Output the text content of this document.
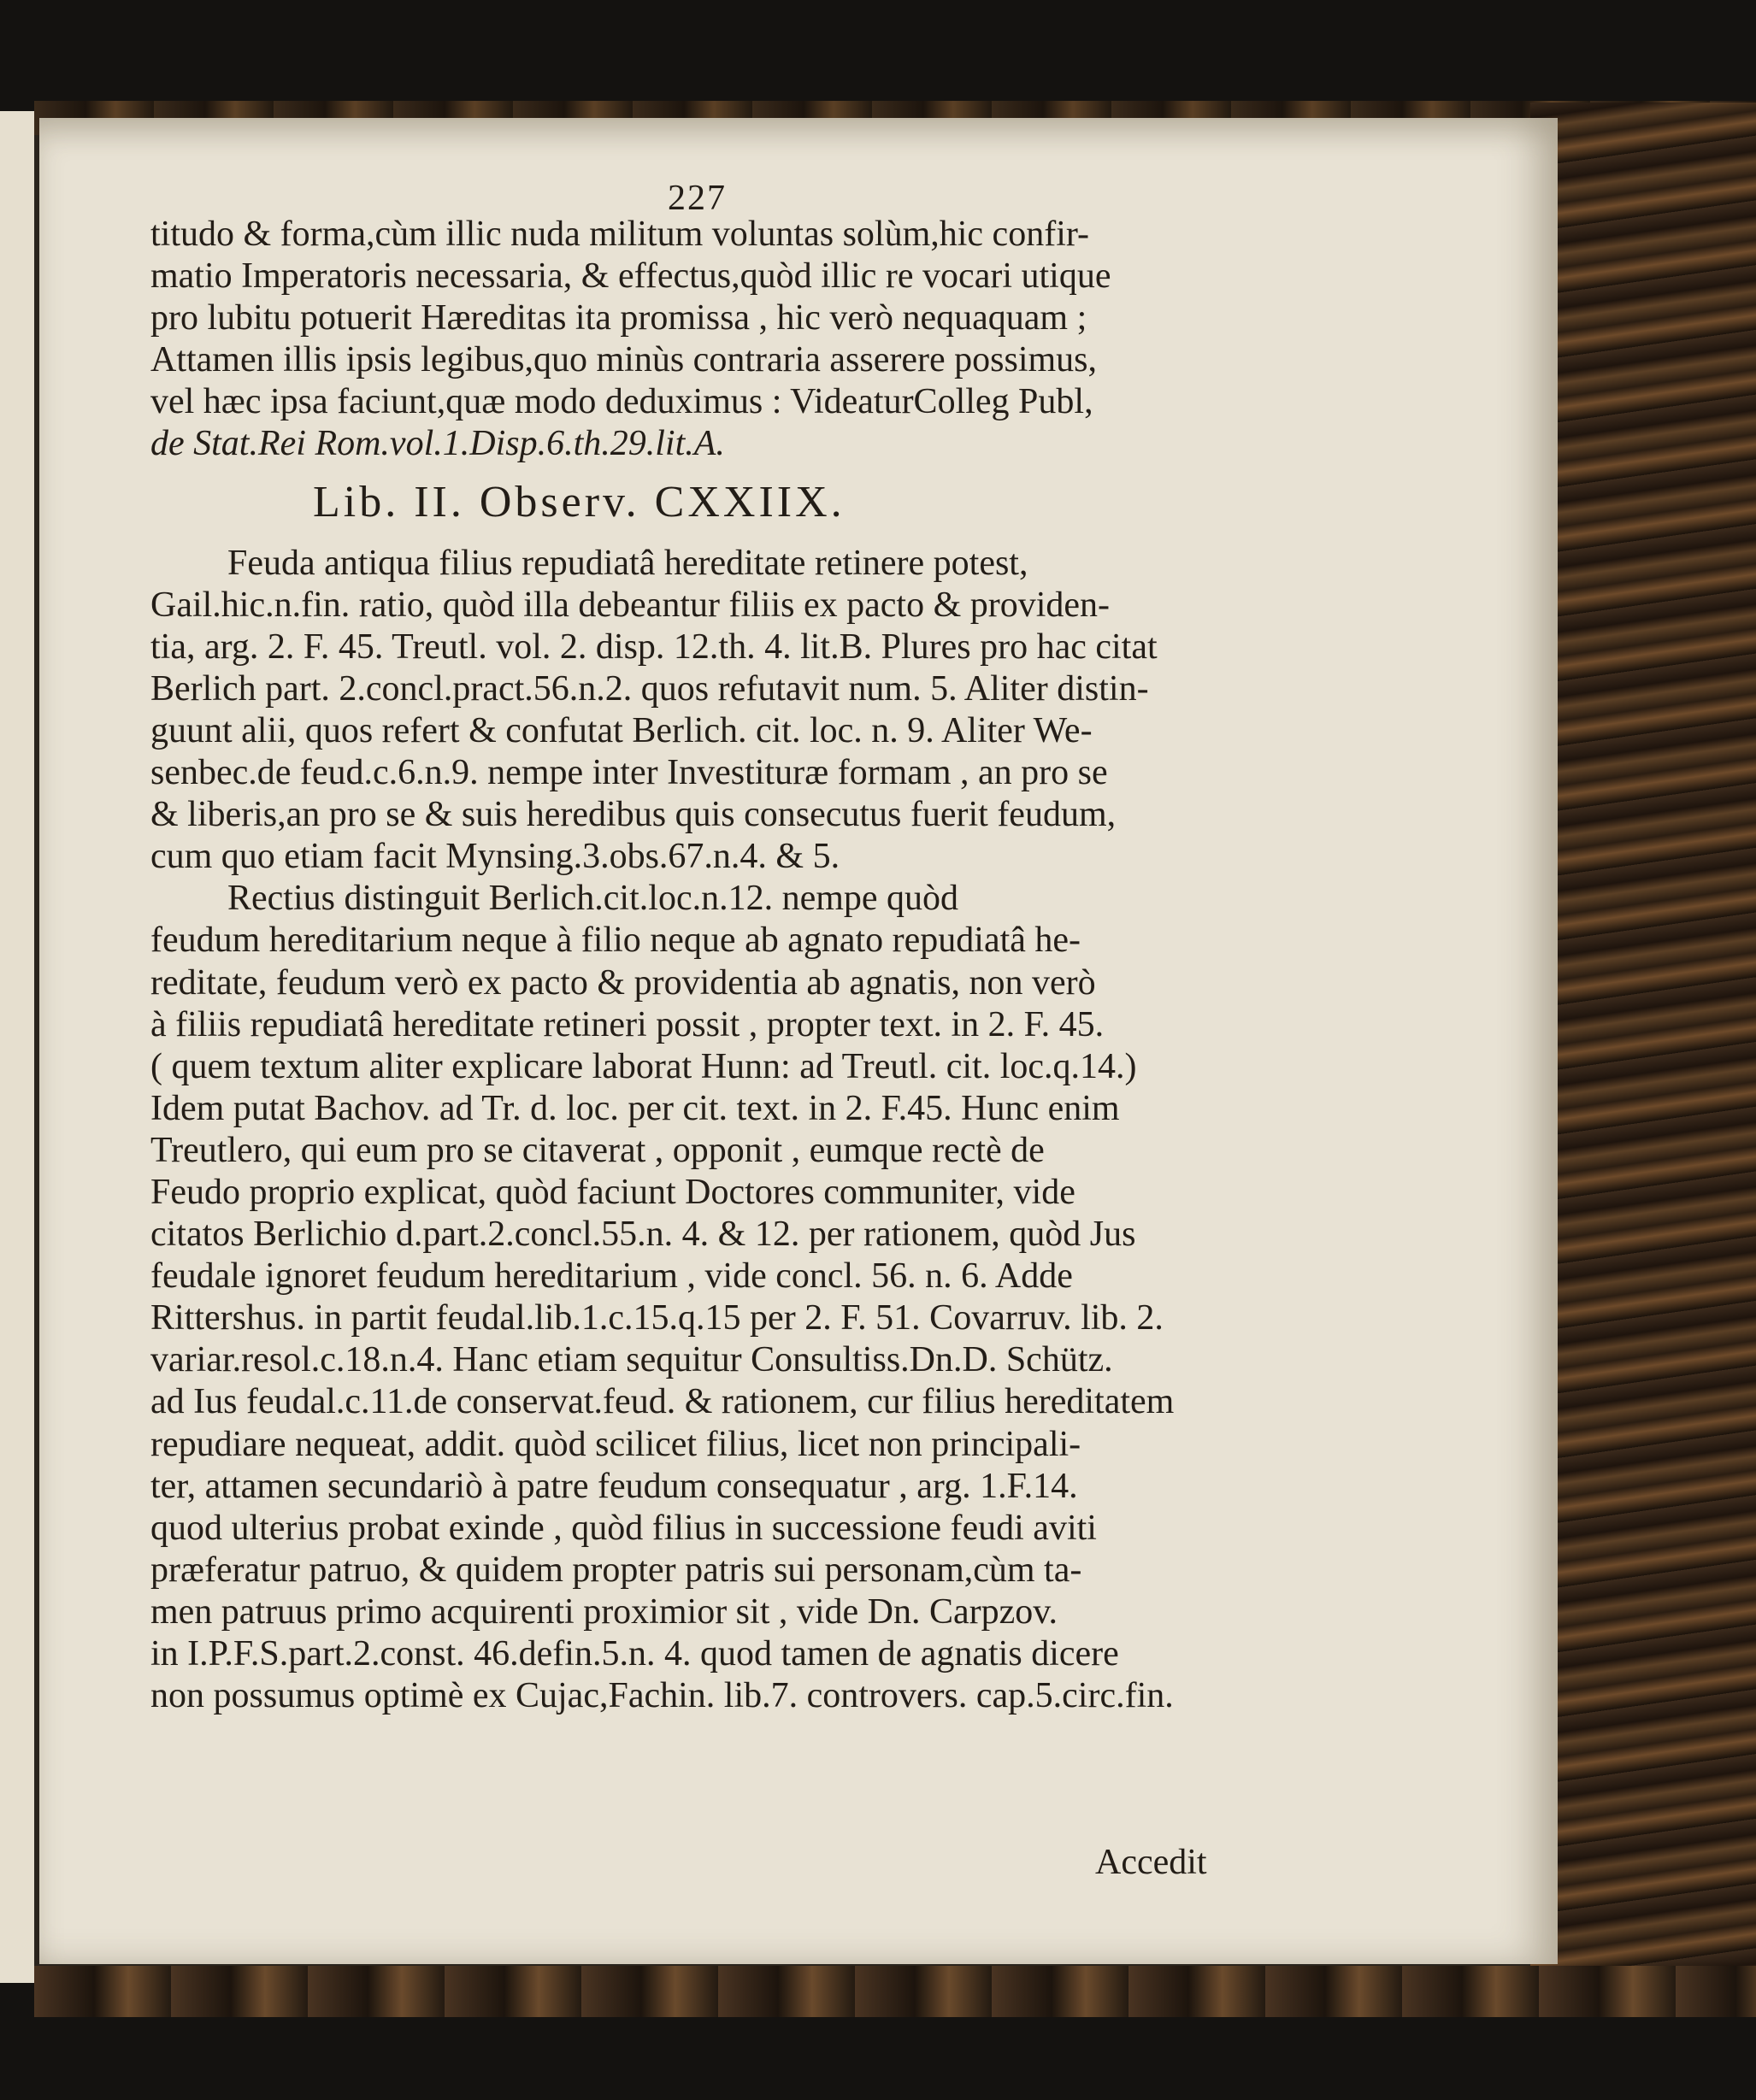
227
titudo & forma,cùm illic nuda militum voluntas solùm,hic confir-
matio Imperatoris necessaria, & effectus,quòd illic re vocari utique
pro lubitu potuerit Hæreditas ita promissa , hic verò nequaquam ;
Attamen illis ipsis legibus,quo minùs contraria asserere possimus,
vel hæc ipsa faciunt,quæ modo deduximus : VideaturColleg Publ,
de Stat.Rei Rom.vol.1.Disp.6.th.29.lit.A.
Lib. II. Observ. CXXIIX.
Feuda antiqua filius repudiatâ hereditate retinere potest,
Gail.hic.n.fin. ratio, quòd illa debeantur filiis ex pacto & providen-
tia, arg. 2. F. 45. Treutl. vol. 2. disp. 12.th. 4. lit.B. Plures pro hac citat
Berlich part. 2.concl.pract.56.n.2. quos refutavit num. 5. Aliter distin-
guunt alii, quos refert & confutat Berlich. cit. loc. n. 9. Aliter We-
senbec.de feud.c.6.n.9. nempe inter Investituræ formam , an pro se
& liberis,an pro se & suis heredibus quis consecutus fuerit feudum,
cum quo etiam facit Mynsing.3.obs.67.n.4. & 5.
Rectius distinguit Berlich.cit.loc.n.12. nempe quòd
feudum hereditarium neque à filio neque ab agnato repudiatâ he-
reditate, feudum verò ex pacto & providentia ab agnatis, non verò
à filiis repudiatâ hereditate retineri possit , propter text. in 2. F. 45.
( quem textum aliter explicare laborat Hunn: ad Treutl. cit. loc.q.14.)
Idem putat Bachov. ad Tr. d. loc. per cit. text. in 2. F.45. Hunc enim
Treutlero, qui eum pro se citaverat , opponit , eumque rectè de
Feudo proprio explicat, quòd faciunt Doctores communiter, vide
citatos Berlichio d.part.2.concl.55.n. 4. & 12. per rationem, quòd Jus
feudale ignoret feudum hereditarium , vide concl. 56. n. 6. Adde
Rittershus. in partit feudal.lib.1.c.15.q.15 per 2. F. 51. Covarruv. lib. 2.
variar.resol.c.18.n.4. Hanc etiam sequitur Consultiss.Dn.D. Schütz.
ad Ius feudal.c.11.de conservat.feud. & rationem, cur filius hereditatem
repudiare nequeat, addit. quòd scilicet filius, licet non principali-
ter, attamen secundariò à patre feudum consequatur , arg. 1.F.14.
quod ulterius probat exinde , quòd filius in successione feudi aviti
præferatur patruo, & quidem propter patris sui personam,cùm ta-
men patruus primo acquirenti proximior sit , vide Dn. Carpzov.
in I.P.F.S.part.2.const. 46.defin.5.n. 4. quod tamen de agnatis dicere
non possumus optimè ex Cujac,Fachin. lib.7. controvers. cap.5.circ.fin.
Accedit
